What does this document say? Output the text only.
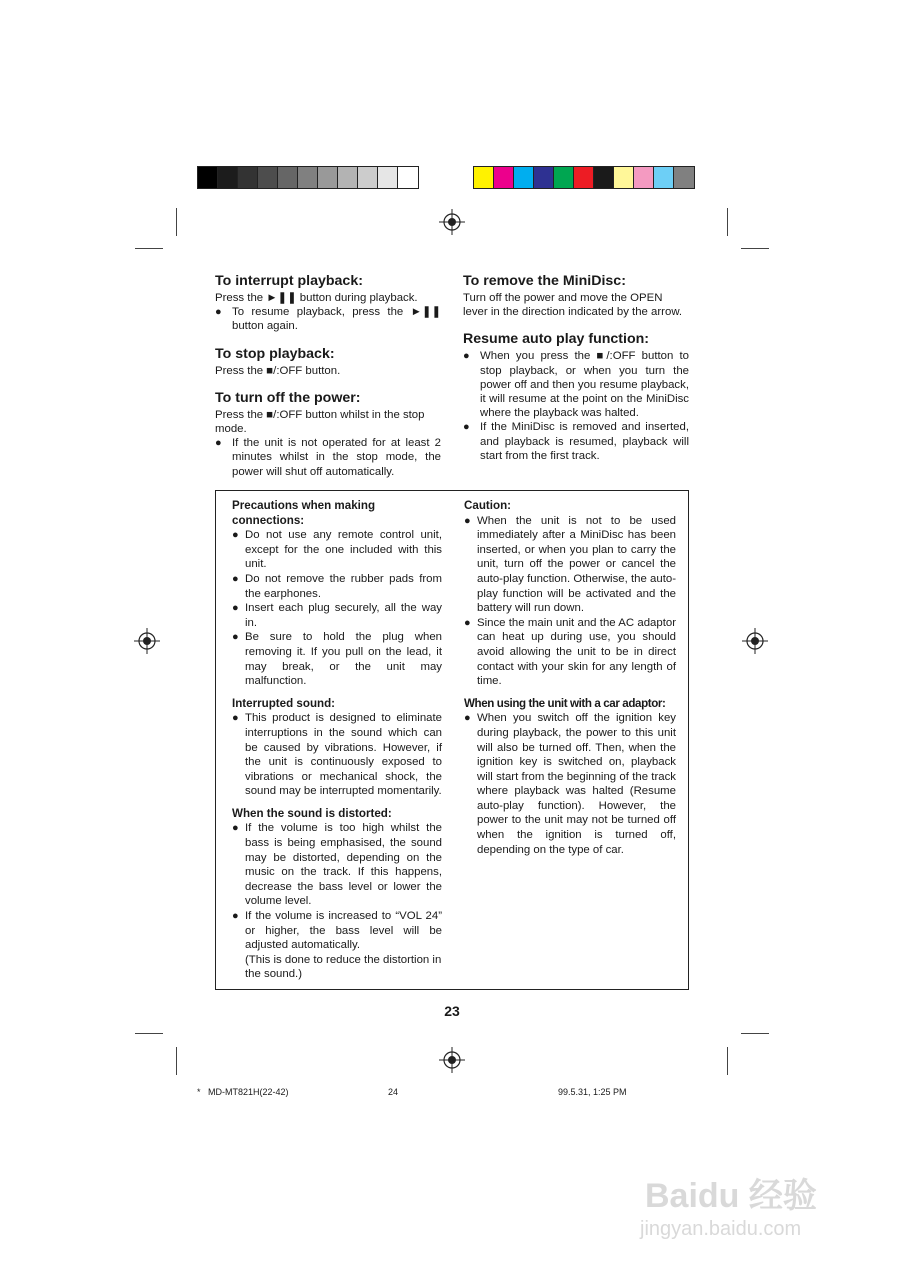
To interrupt playback:

Press the ►❚❚ button during playback.

● To resume playback, press the ►❚❚ button again.
To stop playback:

Press the ■/:OFF button.

To turn off the power:

Press the ■/:OFF button whilst in the stop mode.

● If the unit is not operated for at least 2 minutes whilst in the stop mode, the power will shut off automatically.
To remove the MiniDisc:

Turn off the power and move the OPEN lever in the direction indicated by the arrow.

Resume auto play function:
● When you press the ■/:OFF button to stop playback, or when you turn the power off and then you resume playback, it will resume at the point on the MiniDisc where the playback was halted.
● If the MiniDisc is removed and inserted, and playback is resumed, playback will start from the first track.
Precautions when making connections:
● Do not use any remote control unit, except for the one included with this unit.
● Do not remove the rubber pads from the earphones.
● Insert each plug securely, all the way in.
● Be sure to hold the plug when removing it. If you pull on the lead, it may break, or the unit may malfunction.
Interrupted sound:
● This product is designed to eliminate interruptions in the sound which can be caused by vibrations. However, if the unit is continuously exposed to vibrations or mechanical shock, the sound may be interrupted momentarily.
When the sound is distorted:
● If the volume is too high whilst the bass is being emphasised, the sound may be distorted, depending on the music on the track. If this happens, decrease the bass level or lower the volume level.
● If the volume is increased to “VOL 24” or higher, the bass level will be adjusted automatically.

(This is done to reduce the distortion in the sound.)

Caution:
● When the unit is not to be used immediately after a MiniDisc has been inserted, or when you plan to carry the unit, turn off the power or cancel the auto-play function. Otherwise, the auto-play function will be activated and the battery will run down.
● Since the main unit and the AC adaptor can heat up during use, you should avoid allowing the unit to be in direct contact with your skin for any length of time.
When using the unit with a car adaptor:
● When you switch off the ignition key during playback, the power to this unit will also be turned off. Then, when the ignition key is switched on, playback will start from the beginning of the track where playback was halted (Resume auto-play function). However, the power to the unit may not be turned off when the ignition is turned off, depending on the type of car.
23
*   MD-MT821H(22-42)	24	99.5.31, 1:25 PM
Baidu 经验
jingyan.baidu.com
